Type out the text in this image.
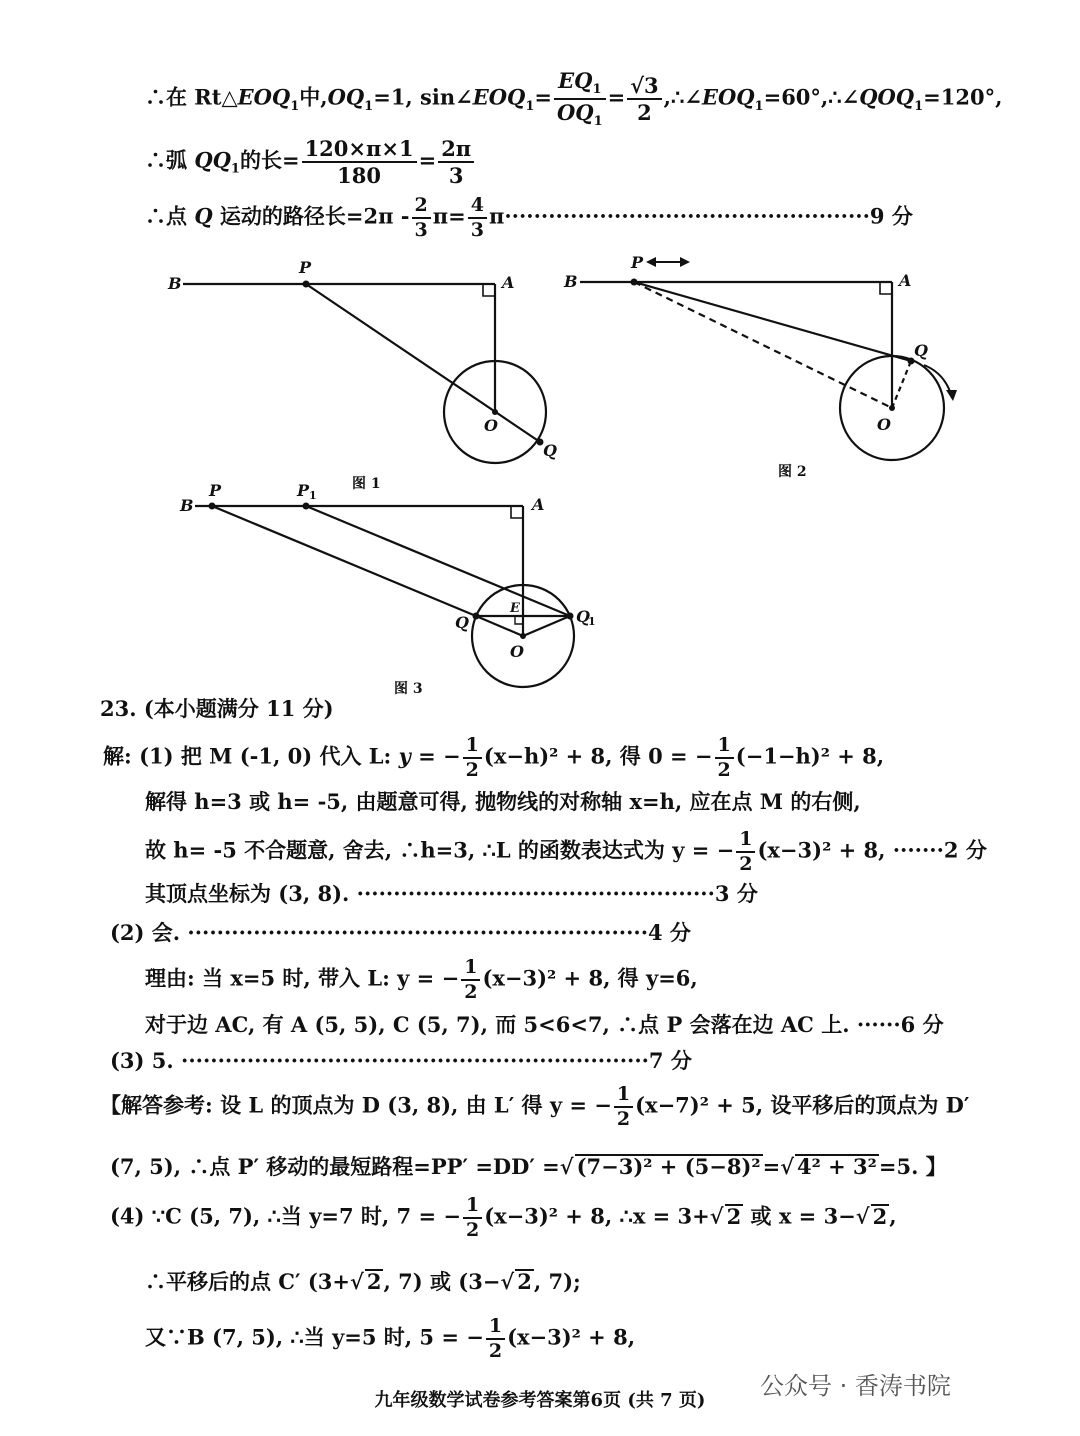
∴在 $Rt\triangle EOQ_1$中$,OQ_1=1$, $\sin\angle EOQ_1= \frac{EQ_1}{OQ_1} = \frac{√3}{2}$ $,\therefore\angle EOQ_1=60^\circ,\therefore\angle QOQ_1=120^\circ$,
∴弧 $QQ_1$的长= $\frac{120\times\pi\times 1}{180} = \frac{2\pi}{3}$
∴点 Q 运动的路径长$=2\pi - \frac{2}{3} \pi= \frac{4}{3} \pi\cdot\cdot\cdot\cdot\cdot\cdot\cdot\cdot\cdot\cdot\cdot\cdot\cdot\cdot\cdot\cdot\cdot\cdot\cdot\cdot\cdot\cdot\cdot\cdot\cdot\cdot\cdot\cdot\cdot\cdot\cdot\cdot\cdot\cdot\cdot\cdot\cdot\cdot\cdot\cdot\cdot\cdot\cdot\cdot\cdot\cdot\cdot\cdot\cdot\cdot 9$ 分
B
P
A
O
Q
B
P
A
O
Q
B
P	P 1	A
E
Q	Q
1
O
图 1
图 2
图 3
23. (本小题满分 11 分)
解: (1) 把 M (-1, 0) 代入 L: y = − $\frac{1}{2} (x-h)^2 + 8$, 得 0 = − $\frac{1}{2} (-1-h)^2 + 8$,
解得 h=3 或 h= -5, 由题意可得, 抛物线的对称轴 x=h, 应在点 M 的右侧,
故 h= -5 不合题意, 舍去, ∴h=3, ∴L 的函数表达式为 y = − $\frac{1}{2} (x-3)^2 + 8$, ·······2 分
其顶点坐标为 (3, 8). ·················································3 分
(2) 会. ·······························································4 分
理由: 当 x=5 时, 带入 L: y = − $\frac{1}{2} (x-3)^2 + 8$, 得 y=6,
对于边 AC, 有 A (5, 5), C (5, 7), 而 5<6<7, ∴点 P 会落在边 AC 上. ······6 分
(3) 5. ································································7 分
【解答参考: 设 L 的顶点为 D (3, 8), 由 L′ 得 y = − $\frac{1}{2} (x-7)^2 + 5$, 设平移后的顶点为 D′
(7, 5), ∴点 P′ 移动的最短路程=PP′ =DD′ =√ (7−3)² + (5−8)²=√ 4² + 3²=5. 】
(4) ∵C (5, 7), ∴当 y=7 时, 7 = − $\frac{1}{2} (x-3)^2 + 8$, ∴x = 3+√ 2 或 x = 3−√ 2,
∴平移后的点 C′ (3+√ 2, 7) 或 (3−√ 2, 7);
又∵B (7, 5), ∴当 y=5 时, 5 = − $\frac{1}{2} (x-3)^2 + 8$,
九年级数学试卷参考答案第6页 (共 7 页)
公众号 · 香涛书院
